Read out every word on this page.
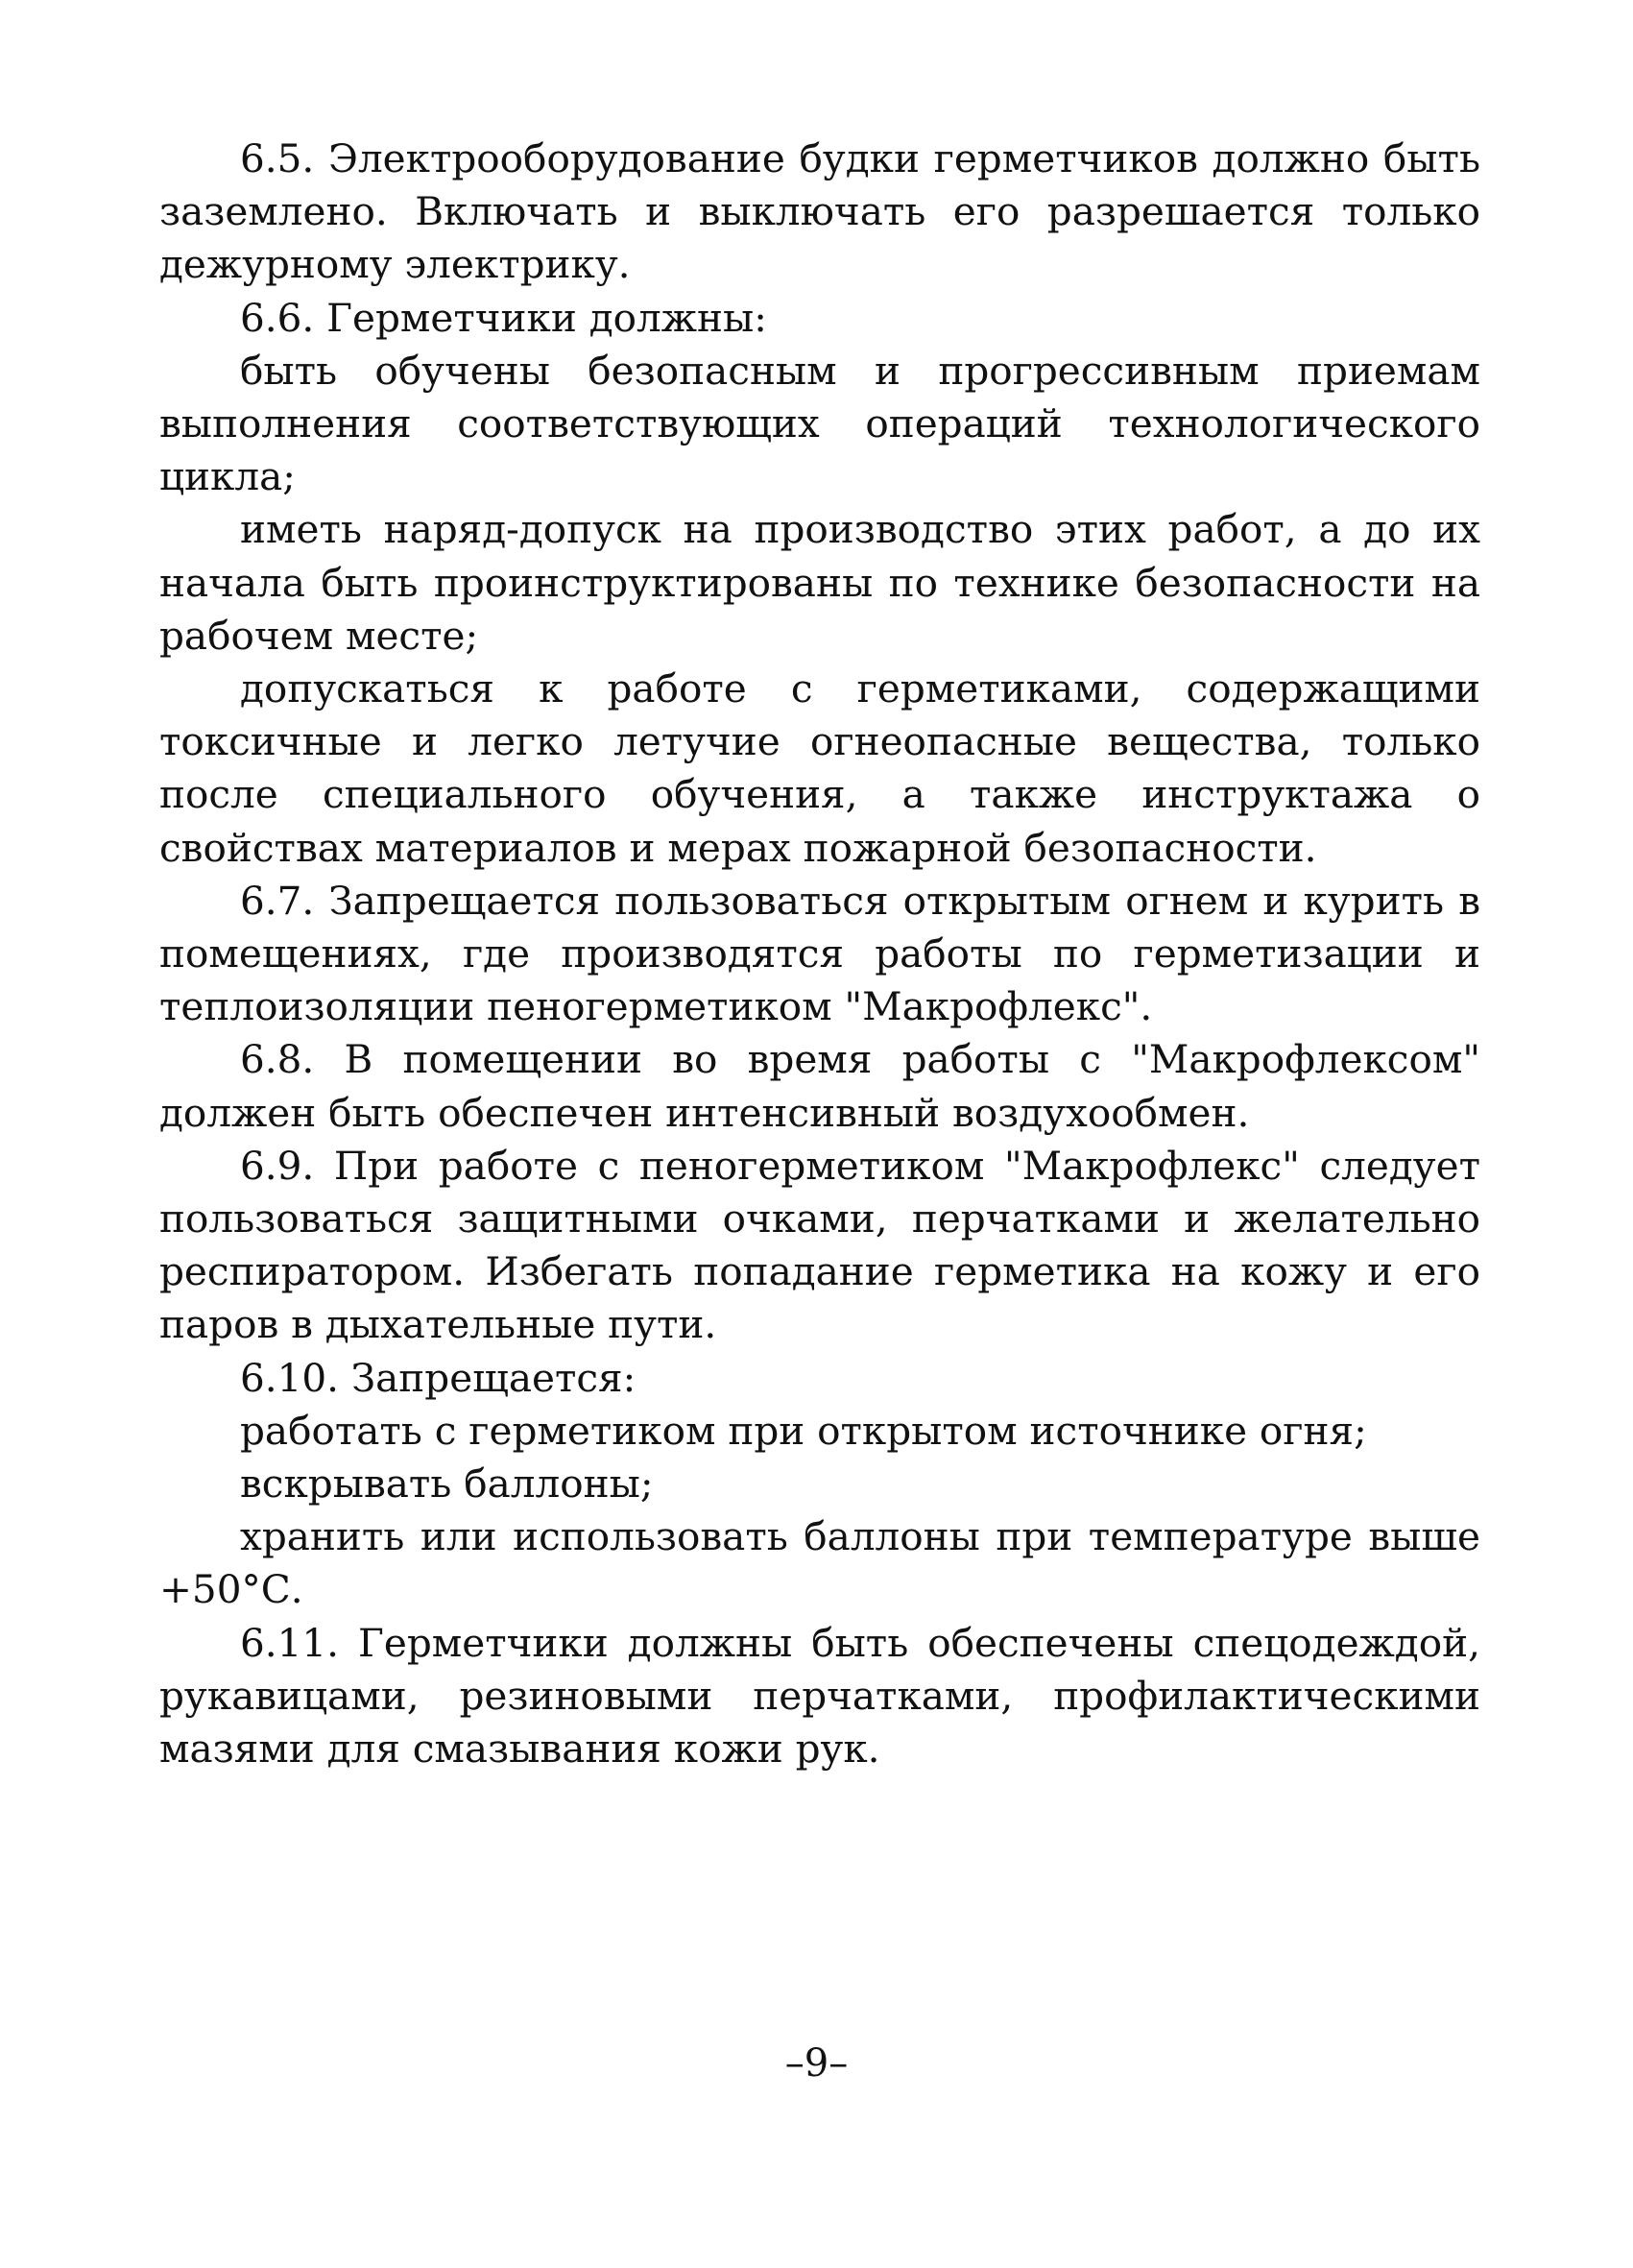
6.5. Электрооборудование будки герметчиков должно быть заземлено. Включать и выключать его разрешается только дежурному электрику.

6.6. Герметчики должны:

быть обучены безопасным и прогрессивным приемам выполнения соответствующих операций технологического цикла;

иметь наряд-допуск на производство этих работ, а до их начала быть проинструктированы по технике безопасности на рабочем месте;

допускаться к работе с герметиками, содержащими токсичные и легко летучие огнеопасные вещества, только после специального обучения, а также инструктажа о свойствах материалов и мерах пожарной безопасности.

6.7. Запрещается пользоваться открытым огнем и курить в помещениях, где производятся работы по герметизации и теплоизоляции пеногерметиком "Макрофлекс".

6.8. В помещении во время работы с "Макрофлексом" должен быть обеспечен интенсивный воздухообмен.

6.9. При работе с пеногерметиком "Макрофлекс" следует пользоваться защитными очками, перчатками и желательно респиратором. Избегать попадание герметика на кожу и его паров в дыхательные пути.

6.10. Запрещается:

работать с герметиком при открытом источнике огня;

вскрывать баллоны;

хранить или использовать баллоны при температуре выше +50°С.

6.11. Герметчики должны быть обеспечены спецодеждой, рукавицами, резиновыми перчатками, профилактическими мазями для смазывания кожи рук.

–9–
